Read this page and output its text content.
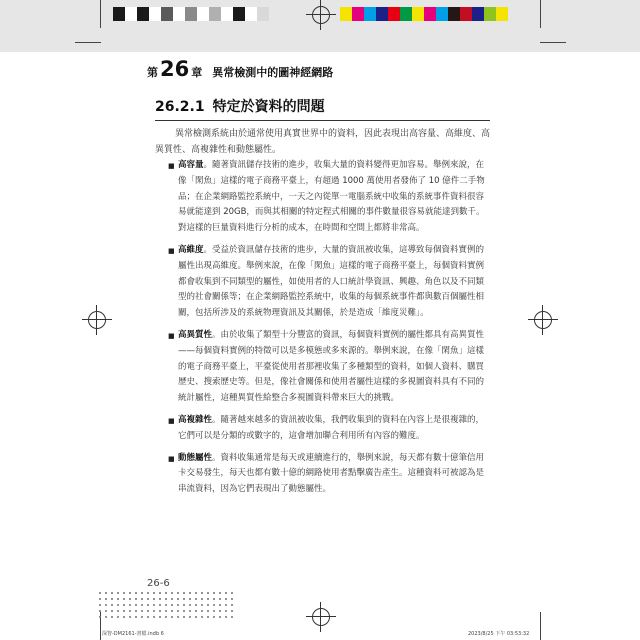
第 26 章 異常檢測中的圖神經網路
26.2.1 特定於資料的問題
異常檢測系統由於通常使用真實世界中的資料，因此表現出高容量、高維度、高異質性、高複雜性和動態屬性。
■ 高容量。隨著資訊儲存技術的進步，收集大量的資料變得更加容易。舉例來說，在像「閑魚」這樣的電子商務平臺上，有超過 1000 萬使用者發佈了 10 億件二手物品；在企業網路監控系統中，一天之內從單一電腦系統中收集的系統事件資料很容易就能達到 20GB，而與其相關的特定程式相關的事件數量很容易就能達到數千。對這樣的巨量資料進行分析的成本，在時間和空間上都將非常高。
■ 高維度。受益於資訊儲存技術的進步，大量的資訊被收集，這導致每個資料實例的屬性出現高維度。舉例來說，在像「閑魚」這樣的電子商務平臺上，每個資料實例都會收集到不同類型的屬性，如使用者的人口統計學資訊、興趣、角色以及不同類型的社會關係等；在企業網路監控系統中，收集的每個系統事件都與數百個屬性相關，包括所涉及的系統物理資訊及其關係，於是造成「維度災難」。
■ 高異質性。由於收集了類型十分豐富的資訊，每個資料實例的屬性都具有高異質性——每個資料實例的特徵可以是多模態或多來源的。舉例來說，在像「閑魚」這樣的電子商務平臺上，平臺從使用者那裡收集了多種類型的資料，如個人資料、購買歷史、搜索歷史等。但是，像社會關係和使用者屬性這樣的多視圖資料具有不同的統計屬性，這種異質性給整合多視圖資料帶來巨大的挑戰。
■ 高複雜性。隨著越來越多的資訊被收集，我們收集到的資料在內容上是很複雜的，它們可以是分類的或數字的，這會增加聯合利用所有內容的難度。
■ 動態屬性。資料收集通常是每天或連續進行的，舉例來說，每天都有數十億筆信用卡交易發生，每天也都有數十億的網路使用者點擊廣告產生。這種資料可被認為是串流資料，因為它們表現出了動態屬性。
26-6
深智-DM2161-書檔.indb 6	2023/8/25 下午 03:53:32
